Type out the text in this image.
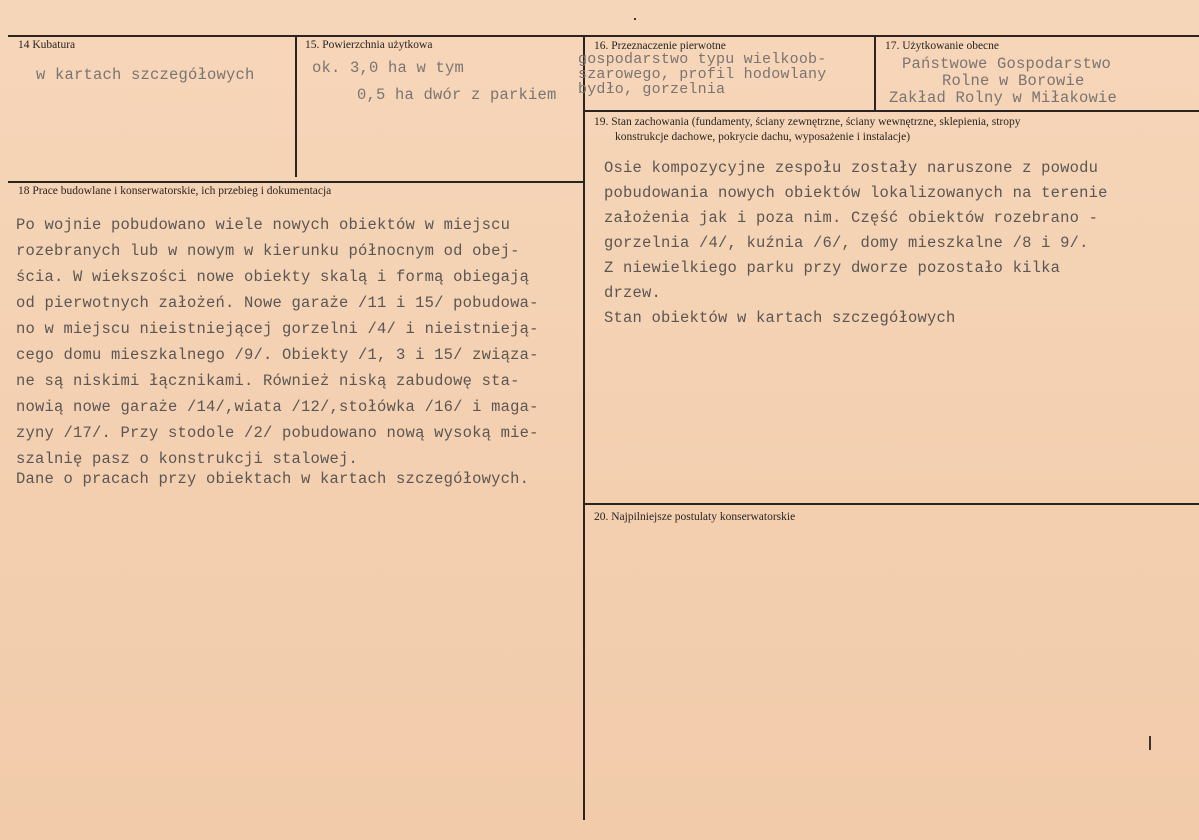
14 Kubatura
w kartach szczegółowych
15. Powierzchnia użytkowa
ok. 3,0 ha w tym
0,5 ha dwór z parkiem
16. Przeznaczenie pierwotne
gospodarstwo typu wielkoob-
szarowego, profil hodowlany
bydło, gorzelnia
17. Użytkowanie obecne
Państwowe Gospodarstwo
Rolne w Borowie
Zakład Rolny w Miłakowie
19. Stan zachowania (fundamenty, ściany zewnętrzne, ściany wewnętrzne, sklepienia, stropy
konstrukcje dachowe, pokrycie dachu, wyposażenie i instalacje)
Osie kompozycyjne zespołu zostały naruszone z powodu
pobudowania nowych obiektów lokalizowanych na terenie
założenia jak i poza nim. Część obiektów rozebrano -
gorzelnia /4/, kuźnia /6/, domy mieszkalne /8 i 9/.
Z niewielkiego parku przy dworze pozostało kilka
drzew.
Stan obiektów w kartach szczegółowych
18 Prace budowlane i konserwatorskie, ich przebieg i dokumentacja
Po wojnie pobudowano wiele nowych obiektów w miejscu
rozebranych lub w nowym w kierunku północnym od obej-
ścia. W wiekszości nowe obiekty skalą i formą obiegają
od pierwotnych założeń. Nowe garaże /11 i 15/ pobudowa-
no w miejscu nieistniejącej gorzelni /4/ i nieistnieją-
cego domu mieszkalnego /9/. Obiekty /1, 3 i 15/ związa-
ne są niskimi łącznikami. Również niską zabudowę sta-
nowią nowe garaże /14/,wiata /12/,stołówka /16/ i maga-
zyny /17/. Przy stodole /2/ pobudowano nową wysoką mie-
szalnię pasz o konstrukcji stalowej.
Dane o pracach przy obiektach w kartach szczegółowych.
20. Najpilniejsze postulaty konserwatorskie
